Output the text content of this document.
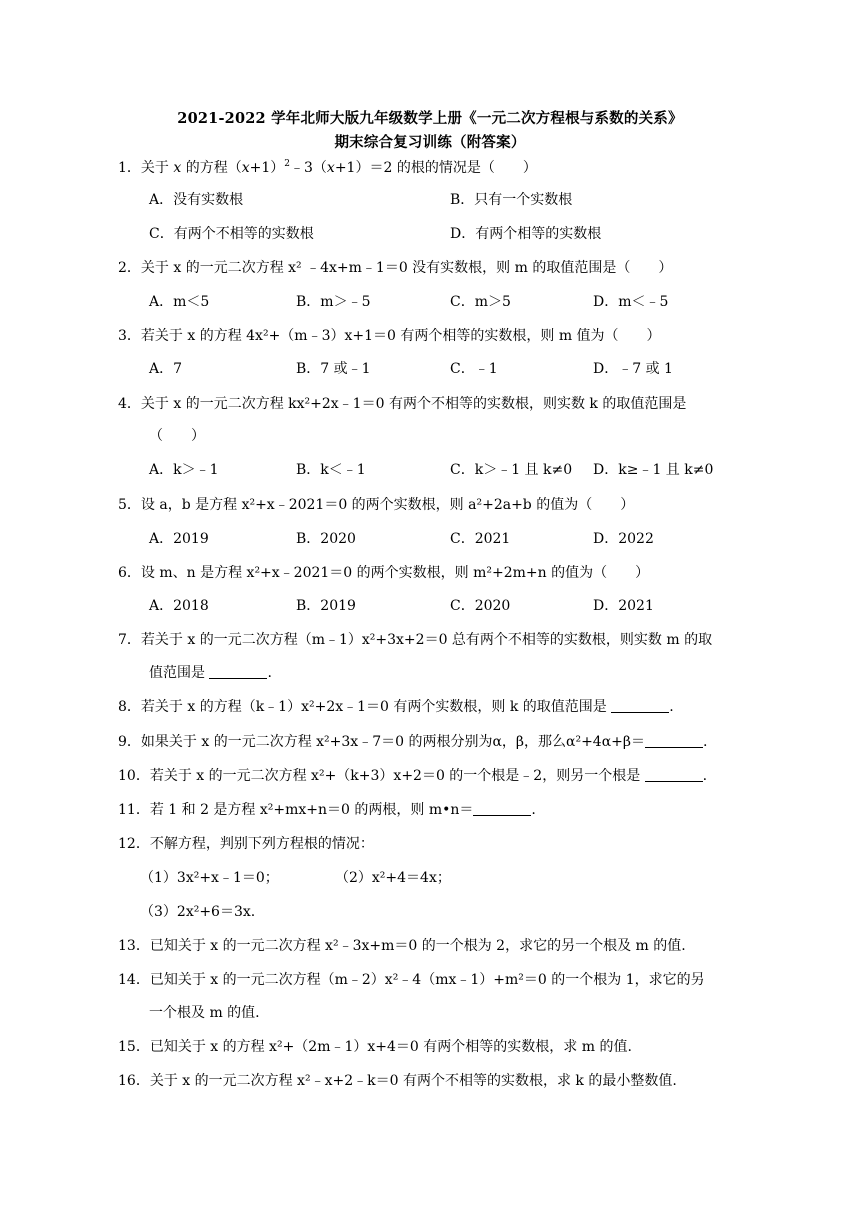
2021-2022 学年北师大版九年级数学上册《一元二次方程根与系数的关系》
期末综合复习训练（附答案）
1．关于 x 的方程$(x+1)^2﹣3(x+1)=2$ 的根的情况是（　　）
A．没有实数根	B．只有一个实数根
C．有两个不相等的实数根	D．有两个相等的实数根
2．关于 x 的一元二次方程 x² ﹣4x+m﹣1＝0 没有实数根，则 m 的取值范围是（　　）
A．m＜5	B．m＞﹣5	C．m＞5	D．m＜﹣5
3．若关于 x 的方程 4x²+（m﹣3）x+1＝0 有两个相等的实数根，则 m 值为（　　）
A．7	B．7 或﹣1	C．﹣1	D．﹣7 或 1
4．关于 x 的一元二次方程 kx²+2x﹣1＝0 有两个不相等的实数根，则实数 k 的取值范围是
（　　）
A．k＞﹣1	B．k＜﹣1	C．k＞﹣1 且 k≠0 D．k≥﹣1 且 k≠0
5．设 a，b 是方程 x²+x﹣2021＝0 的两个实数根，则 a²+2a+b 的值为（　　）
A．2019	B．2020	C．2021	D．2022
6．设 m、n 是方程 x²+x﹣2021＝0 的两个实数根，则 m²+2m+n 的值为（　　）
A．2018	B．2019	C．2020	D．2021
7．若关于 x 的一元二次方程（m﹣1）x²+3x+2＝0 总有两个不相等的实数根，则实数 m 的取
值范围是	.
8．若关于 x 的方程（k﹣1）x²+2x﹣1＝0 有两个实数根，则 k 的取值范围是	.
9．如果关于 x 的一元二次方程 x²+3x﹣7＝0 的两根分别为α，β，那么α²+4α+β＝	.
10．若关于 x 的一元二次方程 x²+（k+3）x+2＝0 的一个根是﹣2，则另一个根是	.
11．若 1 和 2 是方程 x²+mx+n＝0 的两根，则 m•n＝	.
12．不解方程，判别下列方程根的情况：
（1）3x²+x﹣1＝0；	（2）x²+4＝4x；
（3）2x²+6＝3x.
13．已知关于 x 的一元二次方程 x²﹣3x+m＝0 的一个根为 2，求它的另一个根及 m 的值.
14．已知关于 x 的一元二次方程（m﹣2）x²﹣4（mx﹣1）+m²＝0 的一个根为 1，求它的另
一个根及 m 的值.
15．已知关于 x 的方程 x²+（2m﹣1）x+4＝0 有两个相等的实数根，求 m 的值.
16．关于 x 的一元二次方程 x²﹣x+2﹣k＝0 有两个不相等的实数根，求 k 的最小整数值.
